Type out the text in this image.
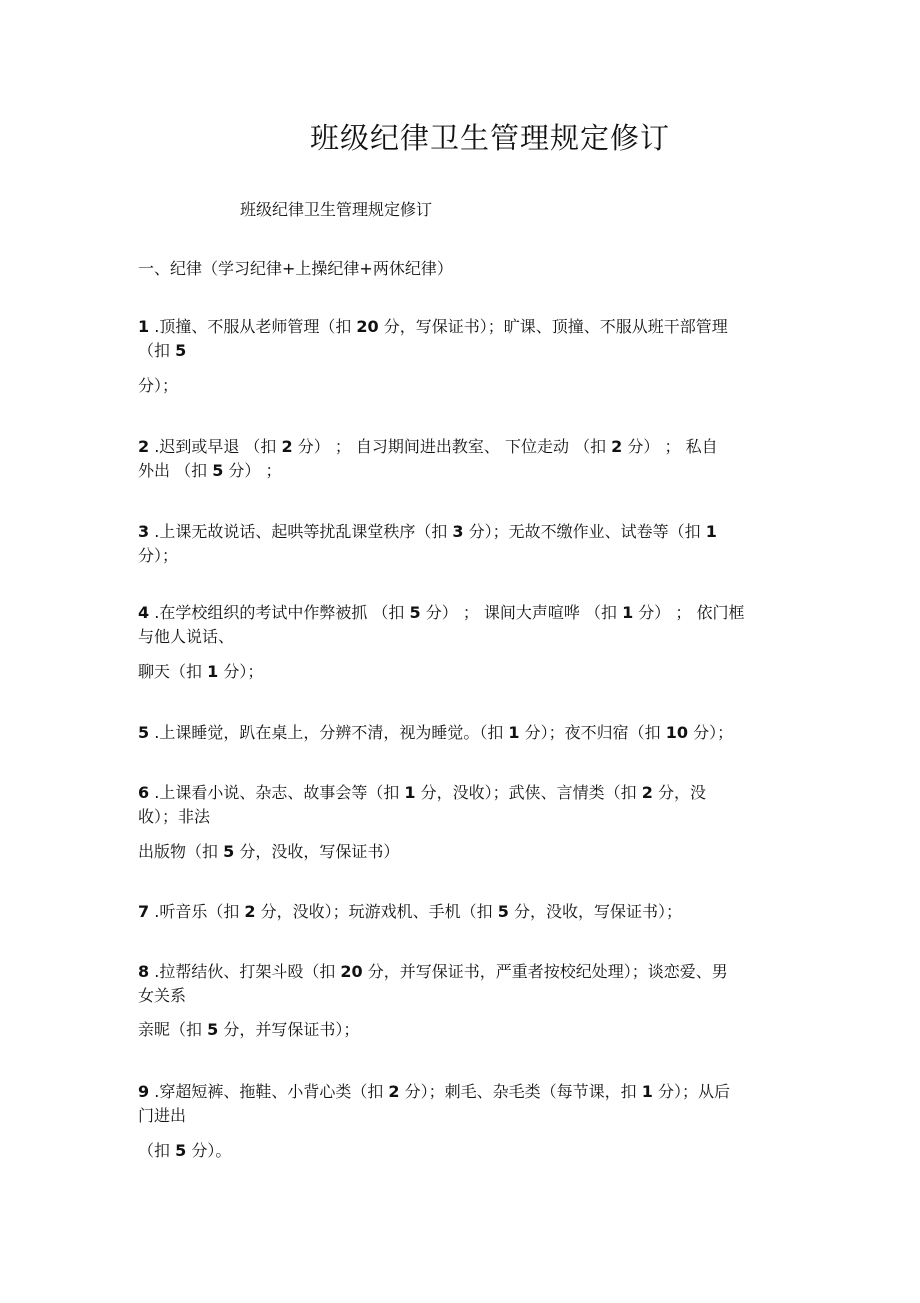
班级纪律卫生管理规定修订
班级纪律卫生管理规定修订
一、纪律（学习纪律+上操纪律+两休纪律）
1 .顶撞、不服从老师管理（扣 20 分，写保证书）；旷课、顶撞、不服从班干部管理
（扣 5
分）；
2 .迟到或早退 （扣 2 分） ； 自习期间进出教室、 下位走动 （扣 2 分） ； 私自
外出 （扣 5 分） ；
3 .上课无故说话、起哄等扰乱课堂秩序（扣 3 分）；无故不缴作业、试卷等（扣 1
分）；
4 .在学校组织的考试中作弊被抓 （扣 5 分） ； 课间大声喧哗 （扣 1 分） ； 依门框
与他人说话、
聊天（扣 1 分）；
5 .上课睡觉，趴在桌上，分辨不清，视为睡觉。（扣 1 分）；夜不归宿（扣 10 分）；
6 .上课看小说、杂志、故事会等（扣 1 分，没收）；武侠、言情类（扣 2 分，没
收）；非法
出版物（扣 5 分，没收，写保证书）
7 .听音乐（扣 2 分，没收）；玩游戏机、手机（扣 5 分，没收，写保证书）；
8 .拉帮结伙、打架斗殴（扣 20 分，并写保证书，严重者按校纪处理）；谈恋爱、男
女关系
亲昵（扣 5 分，并写保证书）；
9 .穿超短裤、拖鞋、小背心类（扣 2 分）；刺毛、杂毛类（每节课，扣 1 分）；从后
门进出
（扣 5 分）。
